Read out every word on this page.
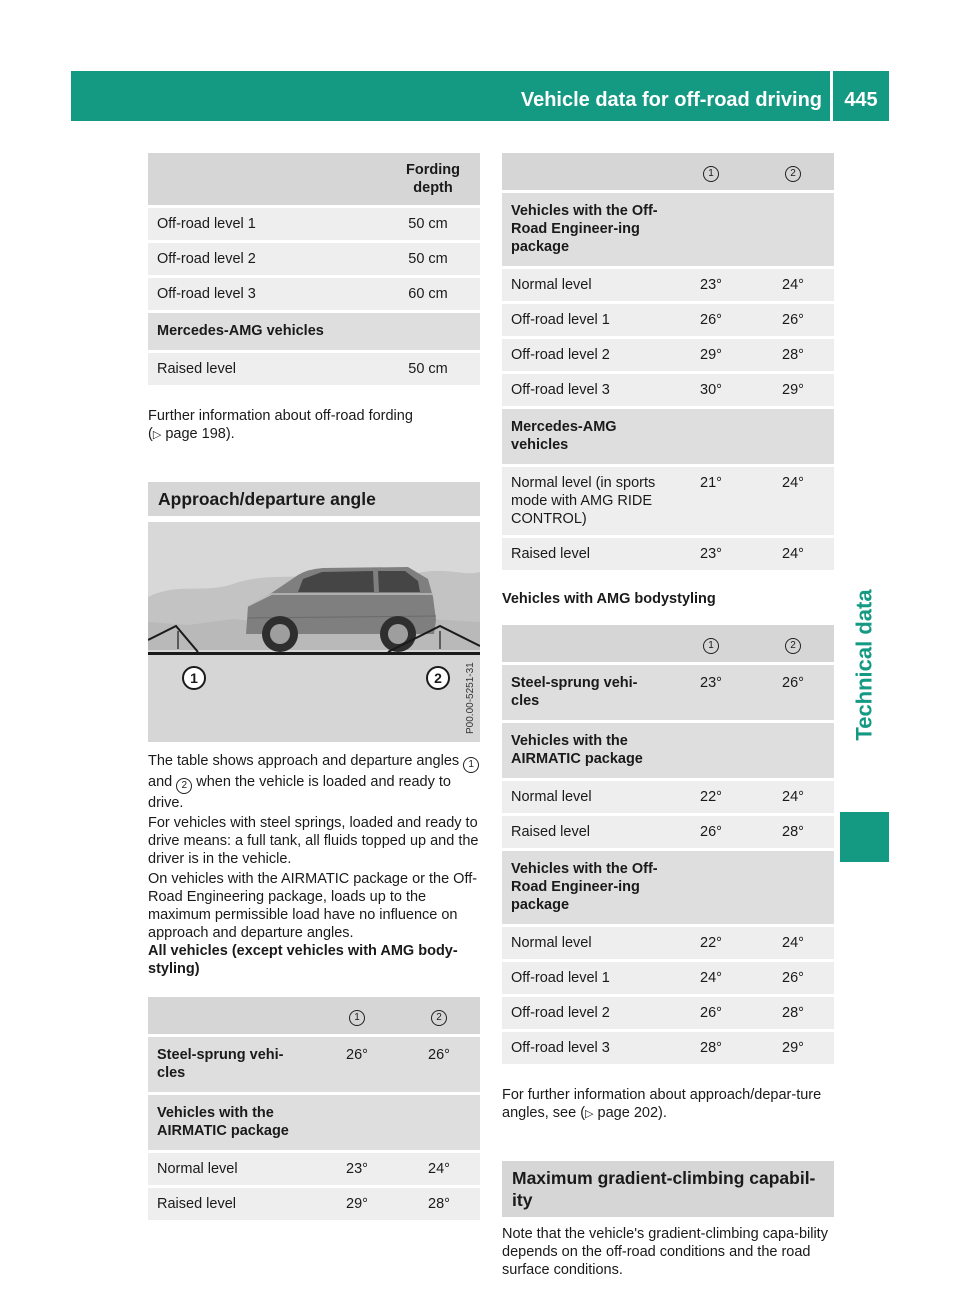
Vehicle data for off-road driving	445
Technical data
	Fording depth
Off-road level 1	50 cm
Off-road level 2	50 cm
Off-road level 3	60 cm
Mercedes-AMG vehicles	
Raised level	50 cm

Further information about off-road fording
(▷ page 198).

Approach/departure angle
1	2 P00.00-5251-31

The table shows approach and departure angles 1 and 2 when the vehicle is loaded and ready to drive.

For vehicles with steel springs, loaded and ready to drive means: a full tank, all fluids topped up and the driver is in the vehicle.

On vehicles with the AIRMATIC package or the Off-Road Engineering package, loads up to the maximum permissible load have no influence on approach and departure angles.

All vehicles (except vehicles with AMG body-styling)

	1	2
Steel-sprung vehi-cles	26°	26°
Vehicles with the AIRMATIC package		
Normal level	23°	24°
Raised level	29°	28°
	1	2
Vehicles with the Off-Road Engineer-ing package		
Normal level	23°	24°
Off-road level 1	26°	26°
Off-road level 2	29°	28°
Off-road level 3	30°	29°
Mercedes-AMG vehicles		
Normal level (in sports mode with AMG RIDE CONTROL)	21°	24°
Raised level	23°	24°

Vehicles with AMG bodystyling

	1	2
Steel-sprung vehi-cles	23°	26°
Vehicles with the AIRMATIC package		
Normal level	22°	24°
Raised level	26°	28°
Vehicles with the Off-Road Engineer-ing package		
Normal level	22°	24°
Off-road level 1	24°	26°
Off-road level 2	26°	28°
Off-road level 3	28°	29°

For further information about approach/depar-ture angles, see (▷ page 202).

Maximum gradient-climbing capabil-ity

Note that the vehicle's gradient-climbing capa-bility depends on the off-road conditions and the road surface conditions.
